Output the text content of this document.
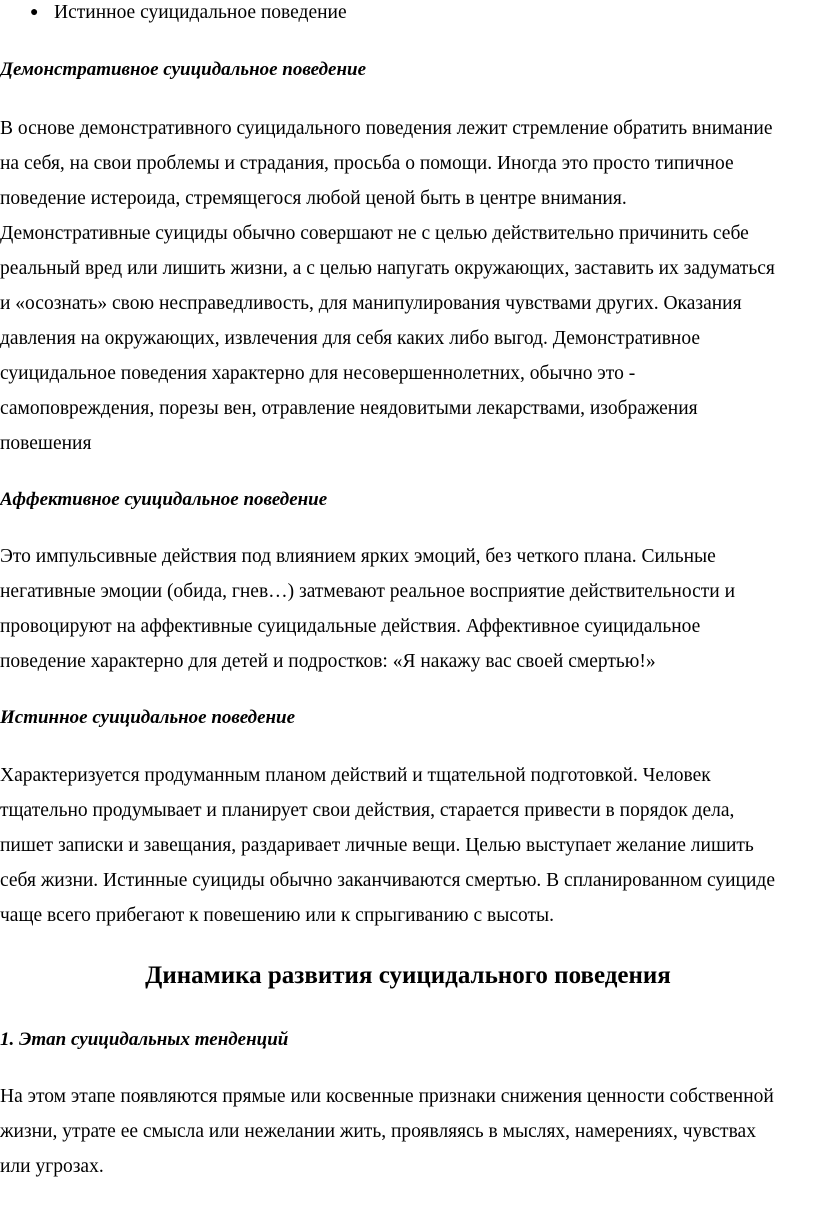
● Истинное суицидальное поведение
Демонстративное суицидальное поведение
В основе демонстративного суицидального поведения лежит стремление обратить внимание
на себя, на свои проблемы и страдания, просьба о помощи. Иногда это просто типичное
поведение истероида, стремящегося любой ценой быть в центре внимания.
Демонстративные суициды обычно совершают не с целью действительно причинить себе
реальный вред или лишить жизни, а с целью напугать окружающих, заставить их задуматься
и «осознать» свою несправедливость, для манипулирования чувствами других. Оказания
давления на окружающих, извлечения для себя каких либо выгод. Демонстративное
суицидальное поведения характерно для несовершеннолетних, обычно это -
самоповреждения, порезы вен, отравление неядовитыми лекарствами, изображения
повешения
Аффективное суицидальное поведение
Это импульсивные действия под влиянием ярких эмоций, без четкого плана. Сильные
негативные эмоции (обида, гнев…) затмевают реальное восприятие действительности и
провоцируют на аффективные суицидальные действия. Аффективное суицидальное
поведение характерно для детей и подростков: «Я накажу вас своей смертью!»
Истинное суицидальное поведение
Характеризуется продуманным планом действий и тщательной подготовкой. Человек
тщательно продумывает и планирует свои действия, старается привести в порядок дела,
пишет записки и завещания, раздаривает личные вещи. Целью выступает желание лишить
себя жизни. Истинные суициды обычно заканчиваются смертью. В спланированном суициде
чаще всего прибегают к повешению или к спрыгиванию с высоты.
Динамика развития суицидального поведения
1. Этап суицидальных тенденций
На этом этапе появляются прямые или косвенные признаки снижения ценности собственной
жизни, утрате ее смысла или нежелании жить, проявляясь в мыслях, намерениях, чувствах
или угрозах.
